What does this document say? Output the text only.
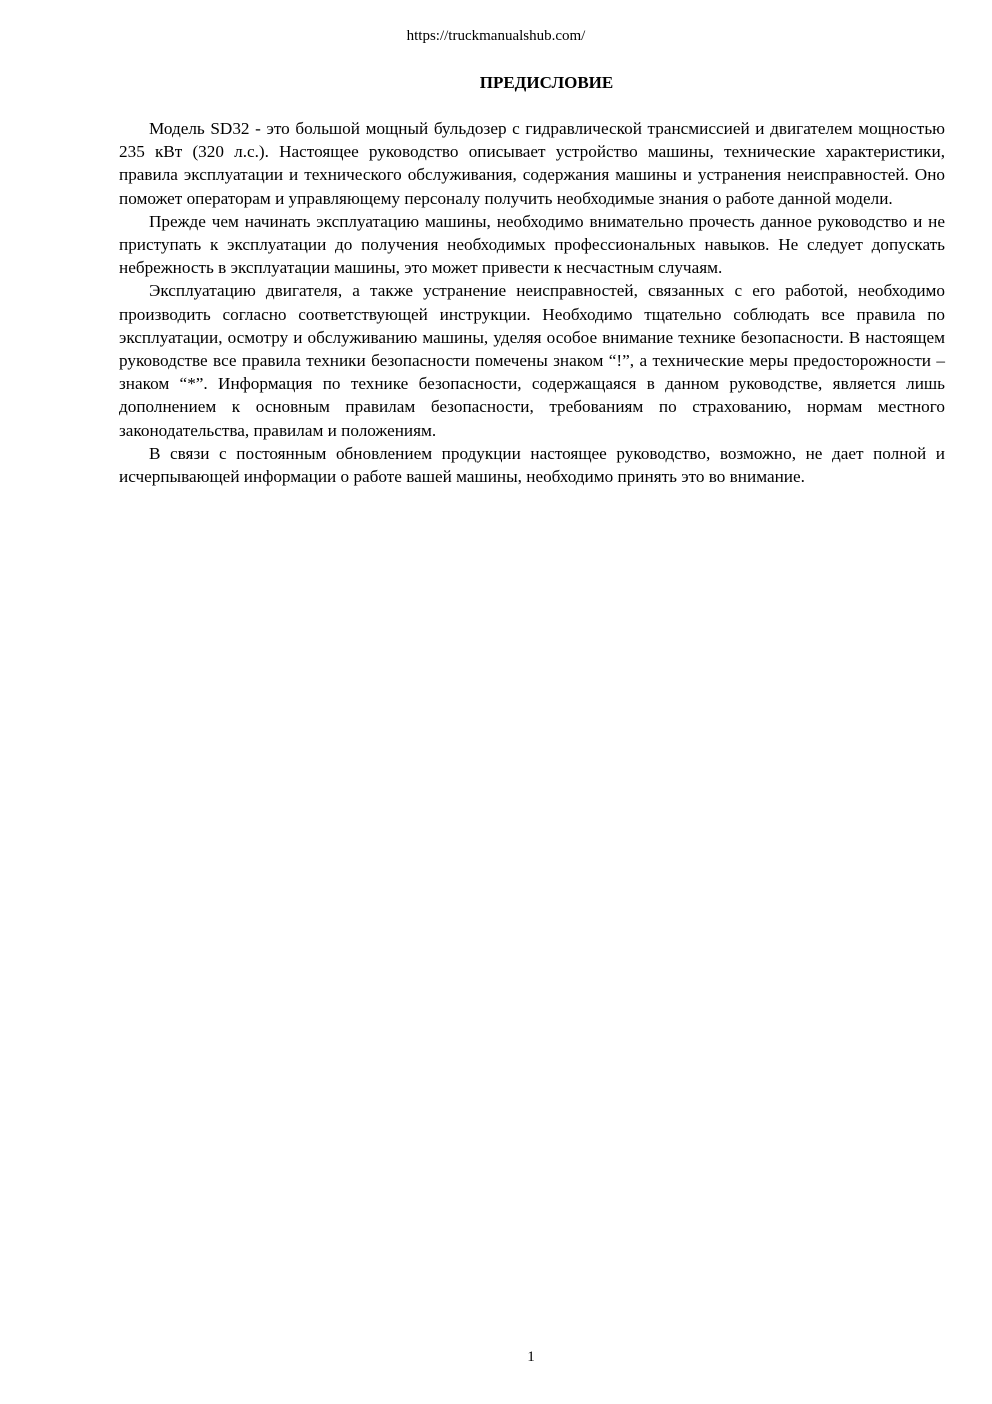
https://truckmanualshub.com/
ПРЕДИСЛОВИЕ

Модель SD32 - это большой мощный бульдозер с гидравлической трансмиссией и двигателем мощностью 235 кВт (320 л.с.). Настоящее руководство описывает устройство машины, технические характеристики, правила эксплуатации и технического обслуживания, содержания машины и устранения неисправностей. Оно поможет операторам и управляющему персоналу получить необходимые знания о работе данной модели.

Прежде чем начинать эксплуатацию машины, необходимо внимательно прочесть данное руководство и не приступать к эксплуатации до получения необходимых профессиональных навыков. Не следует допускать небрежность в эксплуатации машины, это может привести к несчастным случаям.

Эксплуатацию двигателя, а также устранение неисправностей, связанных с его работой, необходимо производить согласно соответствующей инструкции. Необходимо тщательно соблюдать все правила по эксплуатации, осмотру и обслуживанию машины, уделяя особое внимание технике безопасности. В настоящем руководстве все правила техники безопасности помечены знаком “!”, а технические меры предосторожности – знаком “*”. Информация по технике безопасности, содержащаяся в данном руководстве, является лишь дополнением к основным правилам безопасности, требованиям по страхованию, нормам местного законодательства, правилам и положениям.

В связи с постоянным обновлением продукции настоящее руководство, возможно, не дает полной и исчерпывающей информации о работе вашей машины, необходимо принять это во внимание.

1
